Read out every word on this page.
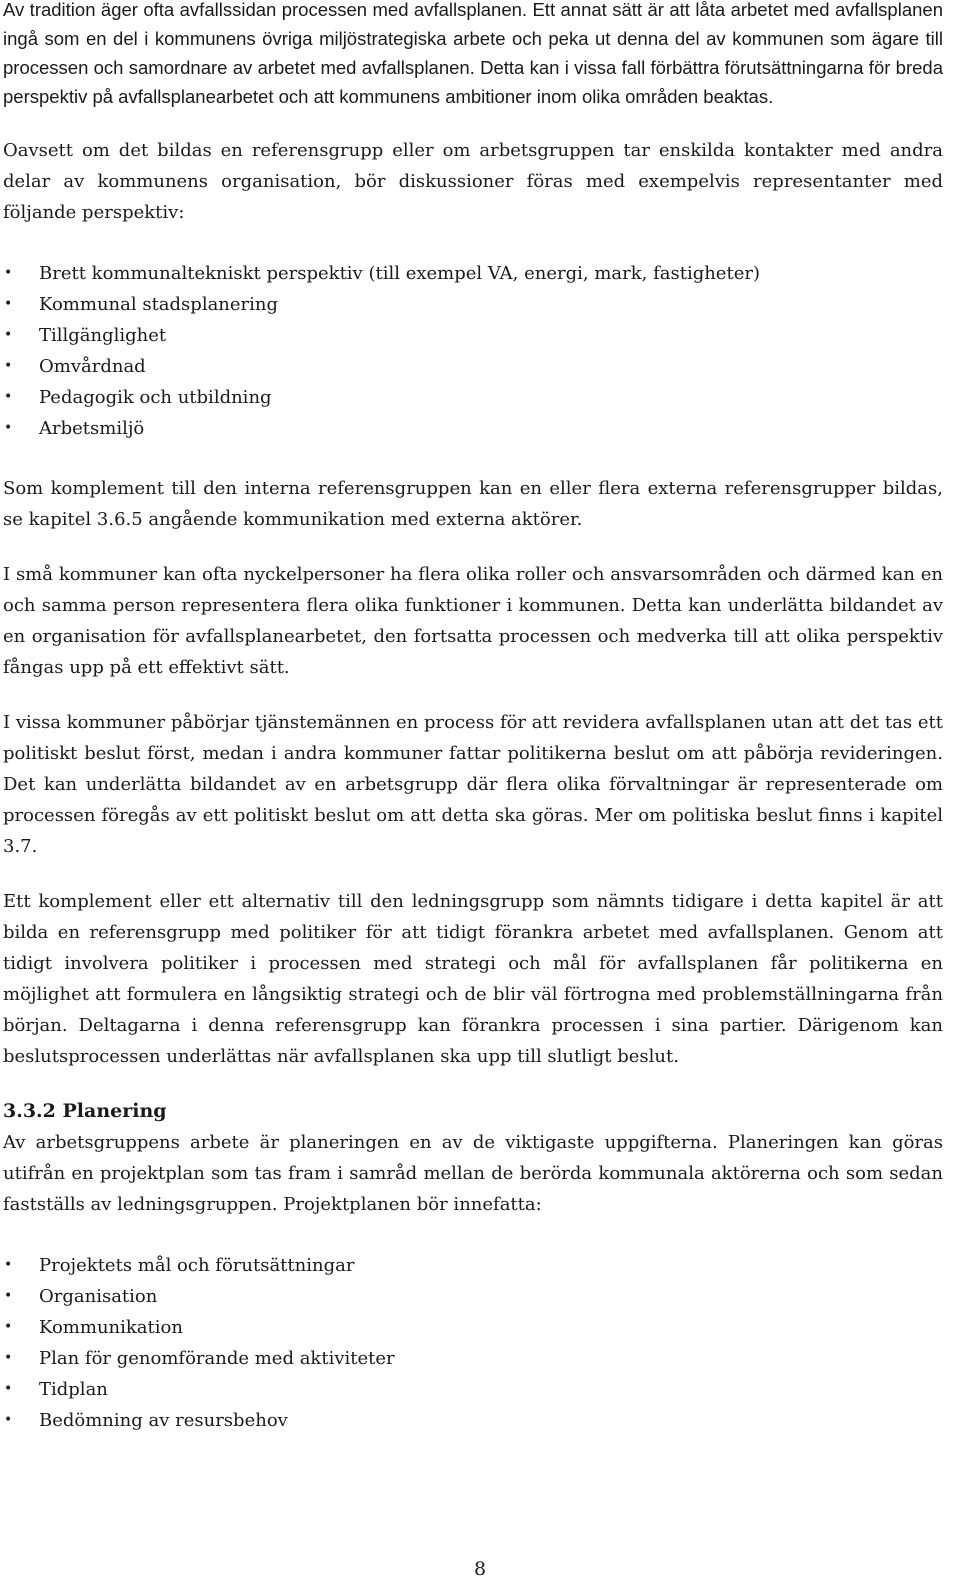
Av tradition äger ofta avfallssidan processen med avfallsplanen. Ett annat sätt är att låta arbetet med avfallsplanen ingå som en del i kommunens övriga miljöstrategiska arbete och peka ut denna del av kommunen som ägare till processen och samordnare av arbetet med avfallsplanen. Detta kan i vissa fall förbättra förutsättningarna för breda perspektiv på avfallsplanearbetet och att kommunens ambitioner inom olika områden beaktas.

Oavsett om det bildas en referensgrupp eller om arbetsgruppen tar enskilda kontakter med andra delar av kommunens organisation, bör diskussioner föras med exempelvis representanter med följande perspektiv:

• Brett kommunaltekniskt perspektiv (till exempel VA, energi, mark, fastigheter)
• Kommunal stadsplanering
• Tillgänglighet
• Omvårdnad
• Pedagogik och utbildning
• Arbetsmiljö

Som komplement till den interna referensgruppen kan en eller flera externa referensgrupper bildas, se kapitel 3.6.5 angående kommunikation med externa aktörer.

I små kommuner kan ofta nyckelpersoner ha flera olika roller och ansvarsområden och därmed kan en och samma person representera flera olika funktioner i kommunen. Detta kan underlätta bildandet av en organisation för avfallsplanearbetet, den fortsatta processen och medverka till att olika perspektiv fångas upp på ett effektivt sätt.

I vissa kommuner påbörjar tjänstemännen en process för att revidera avfallsplanen utan att det tas ett politiskt beslut först, medan i andra kommuner fattar politikerna beslut om att påbörja revideringen. Det kan underlätta bildandet av en arbetsgrupp där flera olika förvaltningar är representerade om processen föregås av ett politiskt beslut om att detta ska göras. Mer om politiska beslut finns i kapitel 3.7.

Ett komplement eller ett alternativ till den ledningsgrupp som nämnts tidigare i detta kapitel är att bilda en referensgrupp med politiker för att tidigt förankra arbetet med avfallsplanen. Genom att tidigt involvera politiker i processen med strategi och mål för avfallsplanen får politikerna en möjlighet att formulera en långsiktig strategi och de blir väl förtrogna med problemställningarna från början. Deltagarna i denna referensgrupp kan förankra processen i sina partier. Därigenom kan beslutsprocessen underlättas när avfallsplanen ska upp till slutligt beslut.

3.3.2 Planering

Av arbetsgruppens arbete är planeringen en av de viktigaste uppgifterna. Planeringen kan göras utifrån en projektplan som tas fram i samråd mellan de berörda kommunala aktörerna och som sedan fastställs av ledningsgruppen. Projektplanen bör innefatta:

• Projektets mål och förutsättningar
• Organisation
• Kommunikation
• Plan för genomförande med aktiviteter
• Tidplan
• Bedömning av resursbehov
8
